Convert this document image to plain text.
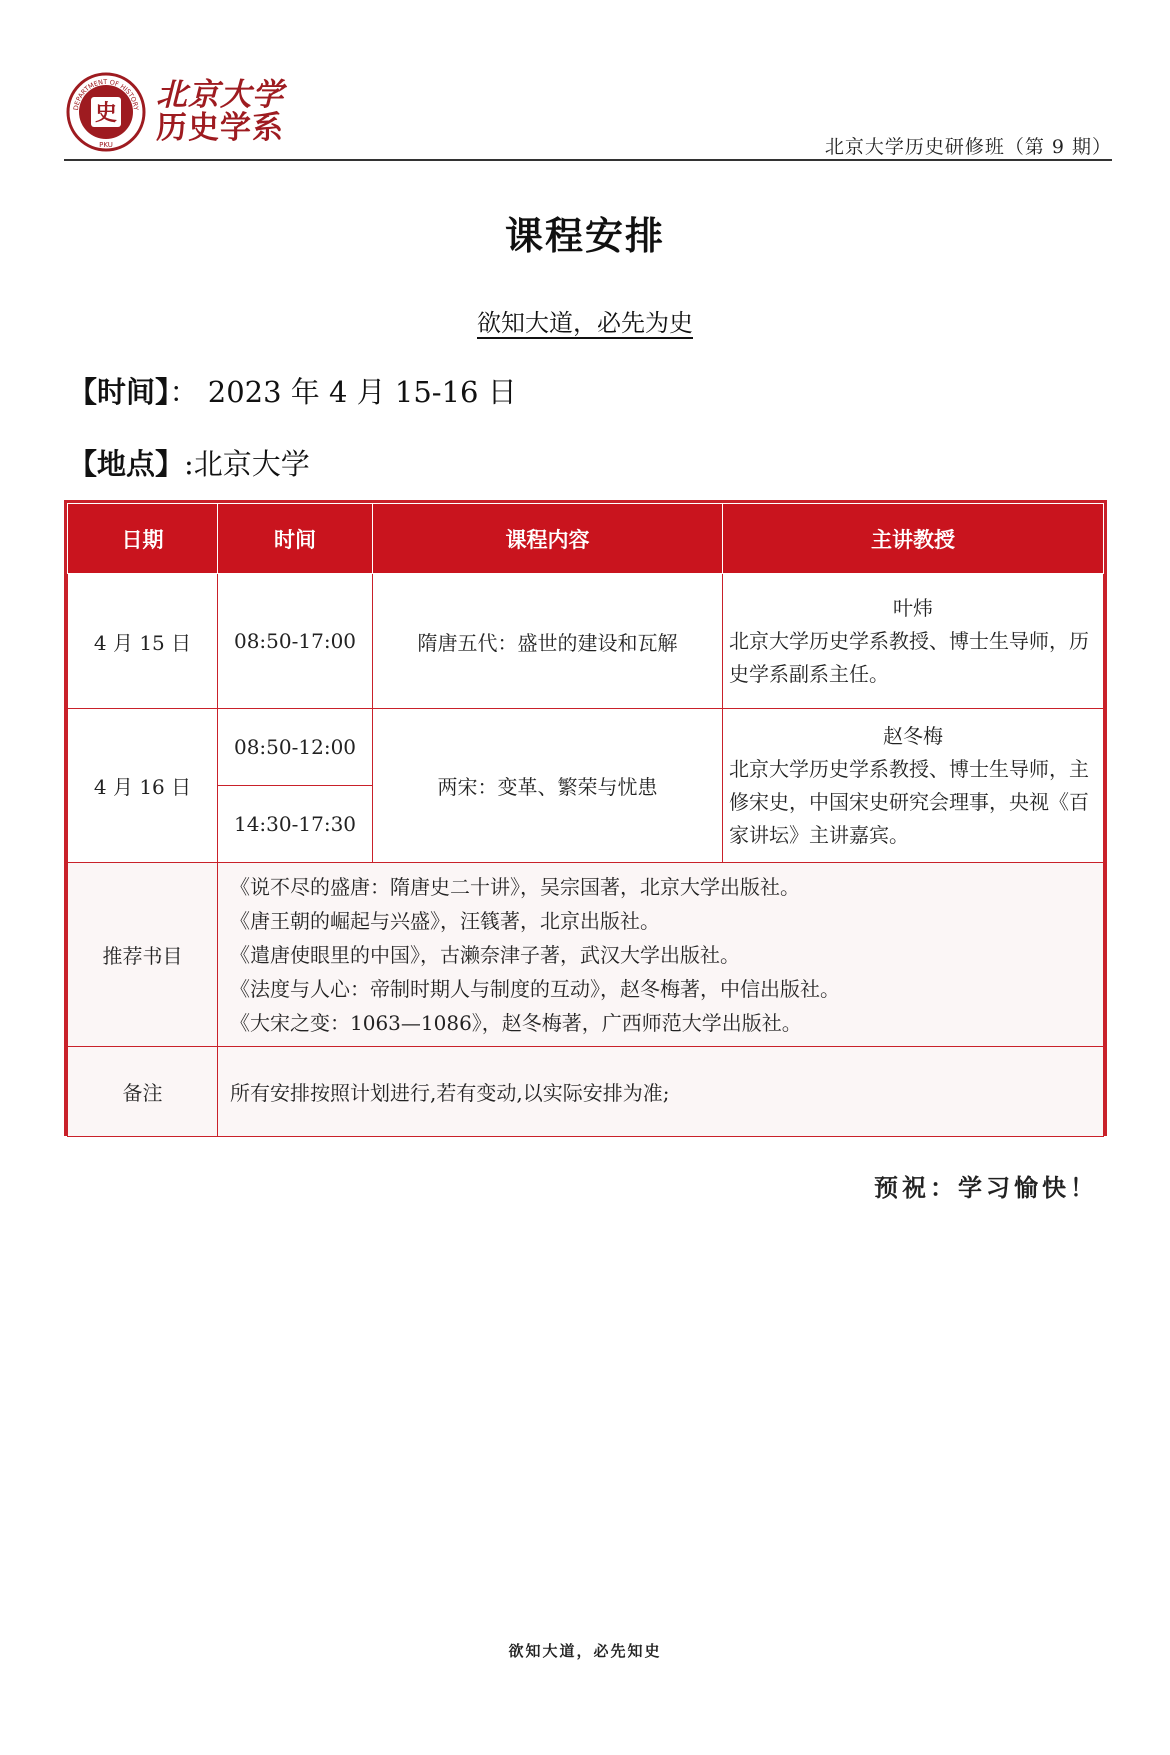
史
DEPARTMENT OF HISTORY
PKU
北京大学
历史学系
北京大学历史研修班（第 9 期）
课程安排
欲知大道，必先为史
【时间】： 2023 年 4 月 15-16 日
【地点】:北京大学
日期	时间	课程内容	主讲教授
4 月 15 日	08:50-17:00	隋唐五代：盛世的建设和瓦解	叶炜
北京大学历史学系教授、博士生导师，历史学系副系主任。
4 月 16 日	08:50-12:00	两宋：变革、繁荣与忧患	赵冬梅
北京大学历史学系教授、博士生导师，主修宋史，中国宋史研究会理事，央视《百家讲坛》主讲嘉宾。
	14:30-17:30		
推荐书目	《说不尽的盛唐：隋唐史二十讲》，吴宗国著，北京大学出版社。
《唐王朝的崛起与兴盛》，汪篯著，北京出版社。
《遣唐使眼里的中国》，古濑奈津子著，武汉大学出版社。
《法度与人心：帝制时期人与制度的互动》，赵冬梅著，中信出版社。
《大宋之变：1063—1086》，赵冬梅著，广西师范大学出版社。		

备注	所有安排按照计划进行,若有变动,以实际安排为准;		
预祝：学习愉快！
欲知大道，必先知史
